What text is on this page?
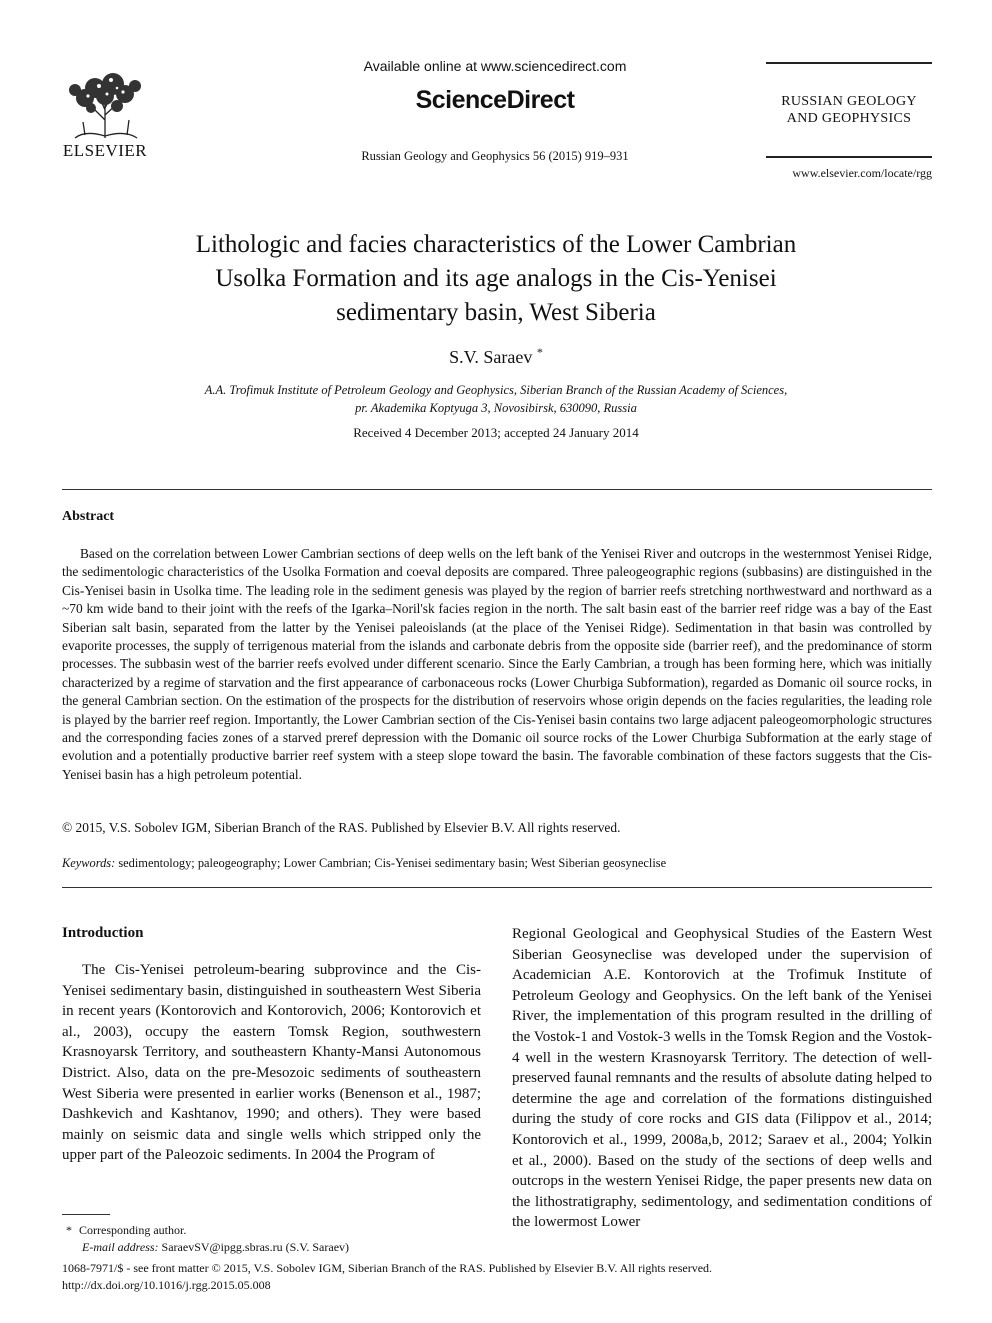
ELSEVIER
Available online at www.sciencedirect.com
ScienceDirect
Russian Geology and Geophysics 56 (2015) 919–931
RUSSIAN GEOLOGY
AND GEOPHYSICS
www.elsevier.com/locate/rgg
Lithologic and facies characteristics of the Lower Cambrian
Usolka Formation and its age analogs in the Cis-Yenisei
sedimentary basin, West Siberia
S.V. Saraev *
A.A. Trofimuk Institute of Petroleum Geology and Geophysics, Siberian Branch of the Russian Academy of Sciences,
pr. Akademika Koptyuga 3, Novosibirsk, 630090, Russia
Received 4 December 2013; accepted 24 January 2014
Abstract
Based on the correlation between Lower Cambrian sections of deep wells on the left bank of the Yenisei River and outcrops in the westernmost Yenisei Ridge, the sedimentologic characteristics of the Usolka Formation and coeval deposits are compared. Three paleogeographic regions (subbasins) are distinguished in the Cis-Yenisei basin in Usolka time. The leading role in the sediment genesis was played by the region of barrier reefs stretching northwestward and northward as a ~70 km wide band to their joint with the reefs of the Igarka–Noril'sk facies region in the north. The salt basin east of the barrier reef ridge was a bay of the East Siberian salt basin, separated from the latter by the Yenisei paleoislands (at the place of the Yenisei Ridge). Sedimentation in that basin was controlled by evaporite processes, the supply of terrigenous material from the islands and carbonate debris from the opposite side (barrier reef), and the predominance of storm processes. The subbasin west of the barrier reefs evolved under different scenario. Since the Early Cambrian, a trough has been forming here, which was initially characterized by a regime of starvation and the first appearance of carbonaceous rocks (Lower Churbiga Subformation), regarded as Domanic oil source rocks, in the general Cambrian section. On the estimation of the prospects for the distribution of reservoirs whose origin depends on the facies regularities, the leading role is played by the barrier reef region. Importantly, the Lower Cambrian section of the Cis-Yenisei basin contains two large adjacent paleogeomorphologic structures and the corresponding facies zones of a starved preref depression with the Domanic oil source rocks of the Lower Churbiga Subformation at the early stage of evolution and a potentially productive barrier reef system with a steep slope toward the basin. The favorable combination of these factors suggests that the Cis-Yenisei basin has a high petroleum potential.
© 2015, V.S. Sobolev IGM, Siberian Branch of the RAS. Published by Elsevier B.V. All rights reserved.
Keywords: sedimentology; paleogeography; Lower Cambrian; Cis-Yenisei sedimentary basin; West Siberian geosyneclise
Introduction
The Cis-Yenisei petroleum-bearing subprovince and the Cis-Yenisei sedimentary basin, distinguished in southeastern West Siberia in recent years (Kontorovich and Kontorovich, 2006; Kontorovich et al., 2003), occupy the eastern Tomsk Region, southwestern Krasnoyarsk Territory, and southeastern Khanty-Mansi Autonomous District. Also, data on the pre-Mesozoic sediments of southeastern West Siberia were presented in earlier works (Benenson et al., 1987; Dashkevich and Kashtanov, 1990; and others). They were based mainly on seismic data and single wells which stripped only the upper part of the Paleozoic sediments. In 2004 the Program of
Regional Geological and Geophysical Studies of the Eastern West Siberian Geosyneclise was developed under the supervision of Academician A.E. Kontorovich at the Trofimuk Institute of Petroleum Geology and Geophysics. On the left bank of the Yenisei River, the implementation of this program resulted in the drilling of the Vostok-1 and Vostok-3 wells in the Tomsk Region and the Vostok-4 well in the western Krasnoyarsk Territory. The detection of well-preserved faunal remnants and the results of absolute dating helped to determine the age and correlation of the formations distinguished during the study of core rocks and GIS data (Filippov et al., 2014; Kontorovich et al., 1999, 2008a,b, 2012; Saraev et al., 2004; Yolkin et al., 2000). Based on the study of the sections of deep wells and outcrops in the western Yenisei Ridge, the paper presents new data on the lithostratigraphy, sedimentology, and sedimentation conditions of the lowermost Lower
* Corresponding author.
E-mail address: SaraevSV@ipgg.sbras.ru (S.V. Saraev)
1068-7971/$ - see front matter © 2015, V.S. Sobolev IGM, Siberian Branch of the RAS. Published by Elsevier B.V. All rights reserved.
http://dx.doi.org/10.1016/j.rgg.2015.05.008
